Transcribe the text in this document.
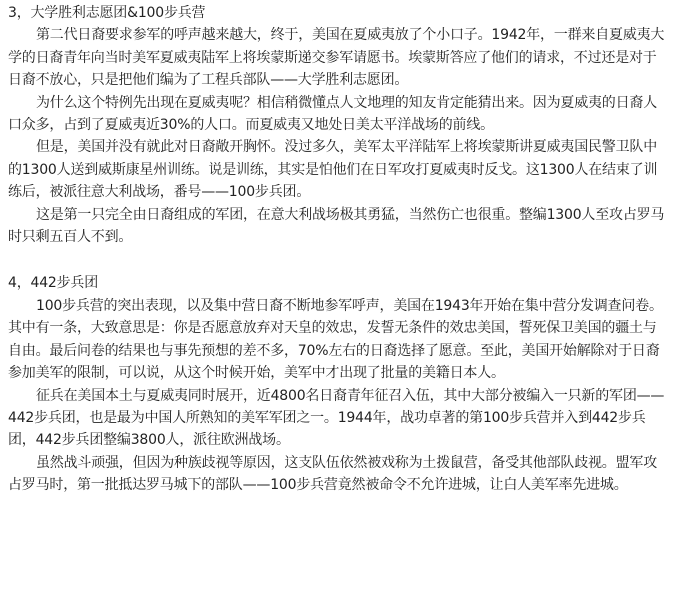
3，大学胜利志愿团&100步兵营

第二代日裔要求参军的呼声越来越大，终于，美国在夏威夷放了个小口子。1942年，一群来自夏威夷大学的日裔青年向当时美军夏威夷陆军上将埃蒙斯递交参军请愿书。埃蒙斯答应了他们的请求，不过还是对于日裔不放心，只是把他们编为了工程兵部队——大学胜利志愿团。

为什么这个特例先出现在夏威夷呢？相信稍微懂点人文地理的知友肯定能猜出来。因为夏威夷的日裔人口众多，占到了夏威夷近30%的人口。而夏威夷又地处日美太平洋战场的前线。

但是，美国并没有就此对日裔敞开胸怀。没过多久，美军太平洋陆军上将埃蒙斯讲夏威夷国民警卫队中的1300人送到威斯康星州训练。说是训练，其实是怕他们在日军攻打夏威夷时反戈。这1300人在结束了训练后，被派往意大利战场，番号——100步兵团。

这是第一只完全由日裔组成的军团，在意大利战场极其勇猛，当然伤亡也很重。整编1300人至攻占罗马时只剩五百人不到。

4，442步兵团

100步兵营的突出表现，以及集中营日裔不断地参军呼声，美国在1943年开始在集中营分发调查问卷。其中有一条，大致意思是：你是否愿意放弃对天皇的效忠，发誓无条件的效忠美国，誓死保卫美国的疆土与自由。最后问卷的结果也与事先预想的差不多，70%左右的日裔选择了愿意。至此，美国开始解除对于日裔参加美军的限制，可以说，从这个时候开始，美军中才出现了批量的美籍日本人。

征兵在美国本土与夏威夷同时展开，近4800名日裔青年征召入伍，其中大部分被编入一只新的军团——442步兵团，也是最为中国人所熟知的美军军团之一。1944年，战功卓著的第100步兵营并入到442步兵团，442步兵团整编3800人，派往欧洲战场。

虽然战斗顽强，但因为种族歧视等原因，这支队伍依然被戏称为土拨鼠营，备受其他部队歧视。盟军攻占罗马时，第一批抵达罗马城下的部队——100步兵营竟然被命令不允许进城，让白人美军率先进城。
